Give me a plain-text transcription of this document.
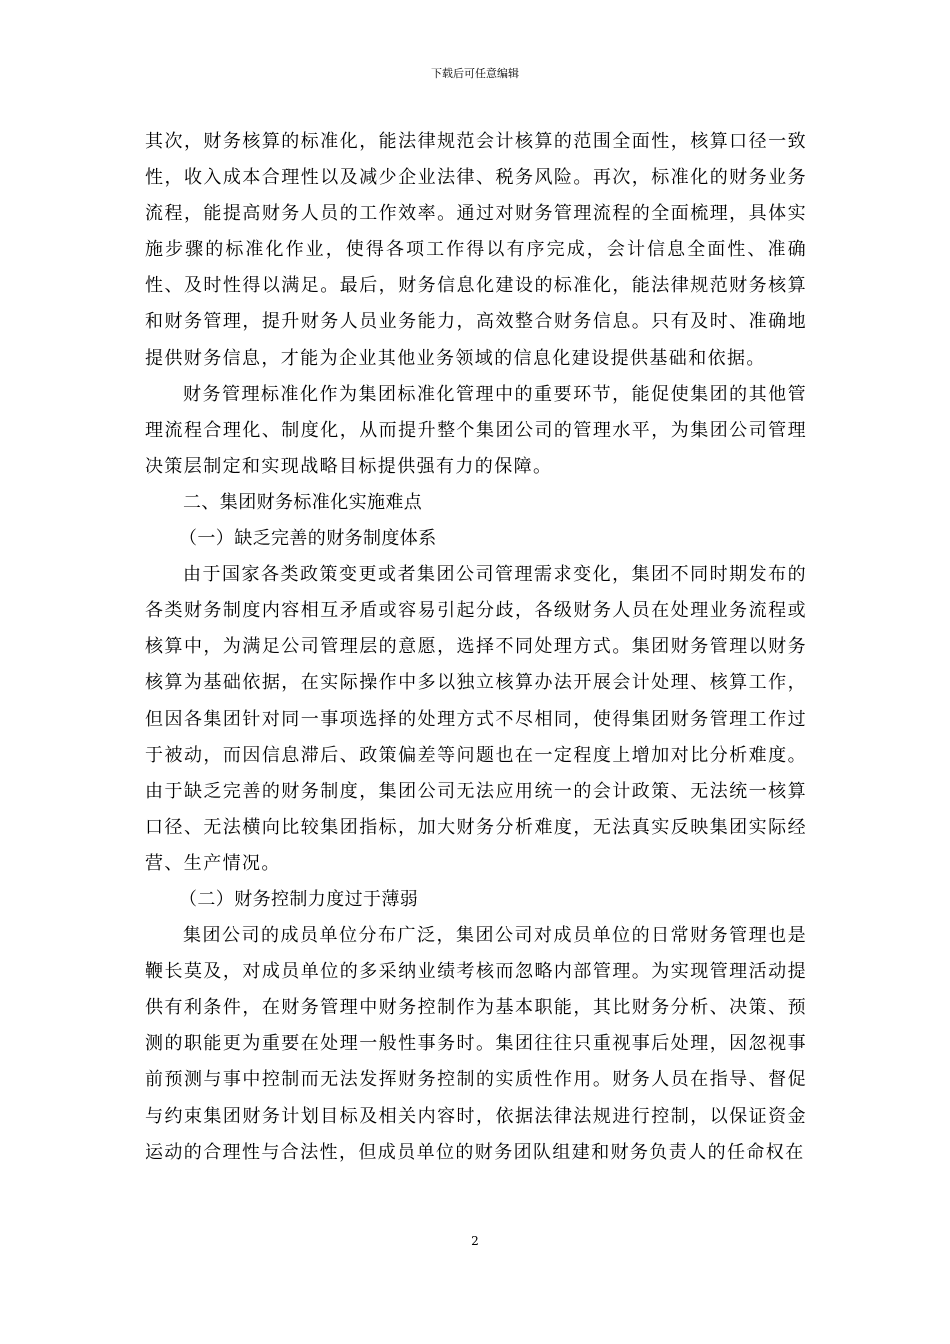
下载后可任意编辑

其次，财务核算的标准化，能法律规范会计核算的范围全面性，核算口径一致性，收入成本合理性以及减少企业法律、税务风险。再次，标准化的财务业务流程，能提高财务人员的工作效率。通过对财务管理流程的全面梳理，具体实施步骤的标准化作业，使得各项工作得以有序完成，会计信息全面性、准确性、及时性得以满足。最后，财务信息化建设的标准化，能法律规范财务核算和财务管理，提升财务人员业务能力，高效整合财务信息。只有及时、准确地提供财务信息，才能为企业其他业务领域的信息化建设提供基础和依据。

财务管理标准化作为集团标准化管理中的重要环节，能促使集团的其他管理流程合理化、制度化，从而提升整个集团公司的管理水平，为集团公司管理决策层制定和实现战略目标提供强有力的保障。

二、集团财务标准化实施难点

（一）缺乏完善的财务制度体系

由于国家各类政策变更或者集团公司管理需求变化，集团不同时期发布的各类财务制度内容相互矛盾或容易引起分歧，各级财务人员在处理业务流程或核算中，为满足公司管理层的意愿，选择不同处理方式。集团财务管理以财务核算为基础依据，在实际操作中多以独立核算办法开展会计处理、核算工作，但因各集团针对同一事项选择的处理方式不尽相同，使得集团财务管理工作过于被动，而因信息滞后、政策偏差等问题也在一定程度上增加对比分析难度。由于缺乏完善的财务制度，集团公司无法应用统一的会计政策、无法统一核算口径、无法横向比较集团指标，加大财务分析难度，无法真实反映集团实际经营、生产情况。

（二）财务控制力度过于薄弱

集团公司的成员单位分布广泛，集团公司对成员单位的日常财务管理也是鞭长莫及，对成员单位的多采纳业绩考核而忽略内部管理。为实现管理活动提供有利条件，在财务管理中财务控制作为基本职能，其比财务分析、决策、预测的职能更为重要在处理一般性事务时。集团往往只重视事后处理，因忽视事前预测与事中控制而无法发挥财务控制的实质性作用。财务人员在指导、督促与约束集团财务计划目标及相关内容时，依据法律法规进行控制，以保证资金运动的合理性与合法性，但成员单位的财务团队组建和财务负责人的任命权在

2
